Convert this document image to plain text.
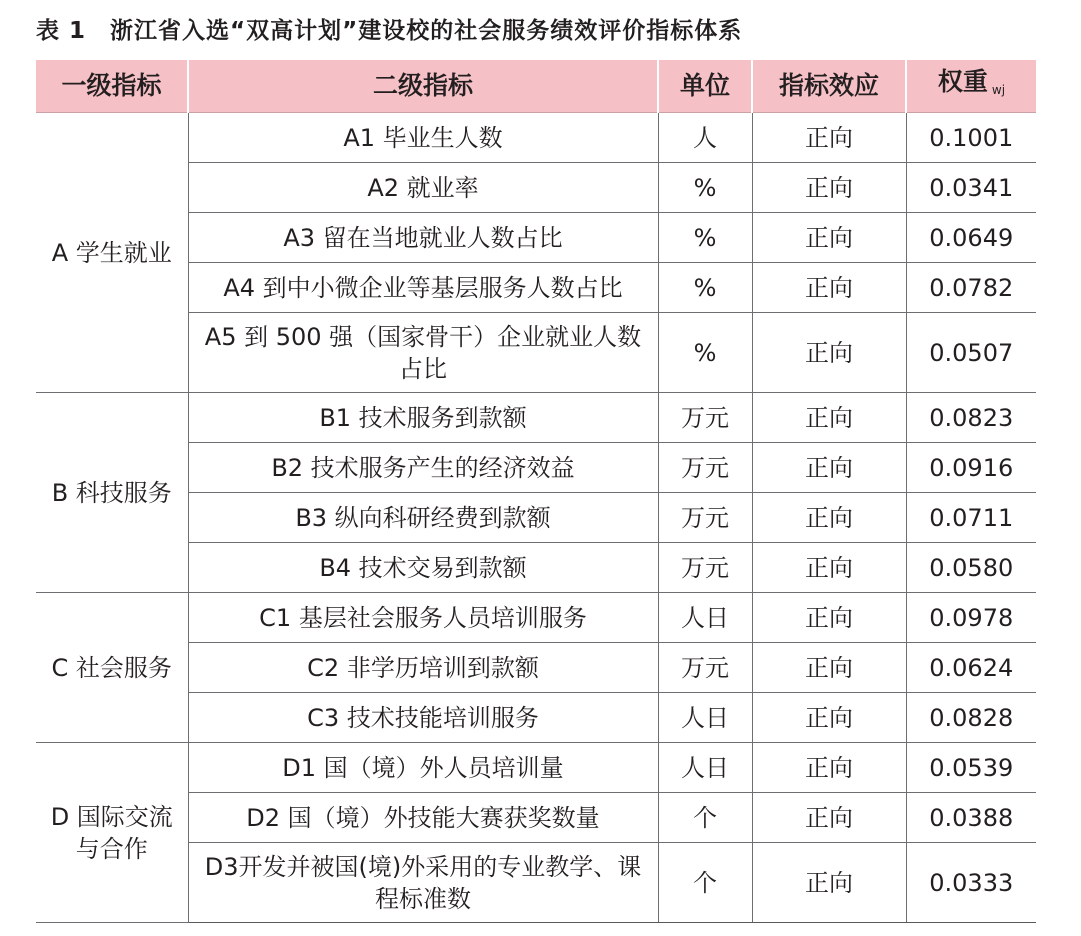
表 1　浙江省入选“双高计划”建设校的社会服务绩效评价指标体系
一级指标	二级指标	单位	指标效应	权重 $_{wj}$
A 学生就业	A1 毕业生人数	人	正向	0.1001
	A2 就业率	%	正向	0.0341
	A3 留在当地就业人数占比	%	正向	0.0649
	A4 到中小微企业等基层服务人数占比	%	正向	0.0782
	A5 到 500 强（国家骨干）企业就业人数占比	%	正向	0.0507
B 科技服务	B1 技术服务到款额	万元	正向	0.0823
	B2 技术服务产生的经济效益	万元	正向	0.0916
	B3 纵向科研经费到款额	万元	正向	0.0711
	B4 技术交易到款额	万元	正向	0.0580
C 社会服务	C1 基层社会服务人员培训服务	人日	正向	0.0978
	C2 非学历培训到款额	万元	正向	0.0624
	C3 技术技能培训服务	人日	正向	0.0828
D 国际交流与合作	D1 国（境）外人员培训量	人日	正向	0.0539
	D2 国（境）外技能大赛获奖数量	个	正向	0.0388
	D3开发并被国(境)外采用的专业教学、课程标准数	个	正向	0.0333
